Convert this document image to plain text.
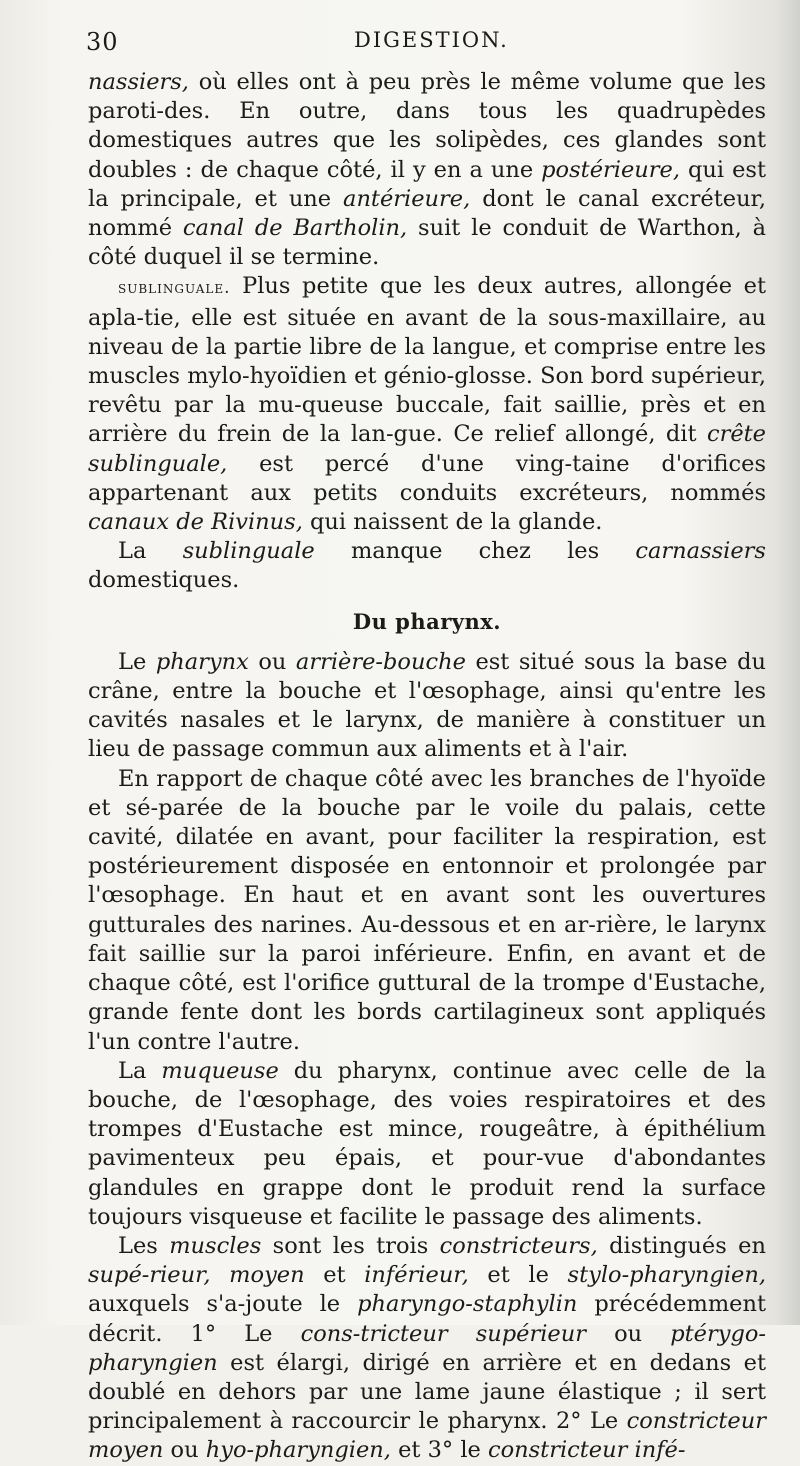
30	DIGESTION.

nassiers, où elles ont à peu près le même volume que les paroti-des. En outre, dans tous les quadrupèdes domestiques autres que les solipèdes, ces glandes sont doubles : de chaque côté, il y en a une postérieure, qui est la principale, et une antérieure, dont le canal excréteur, nommé canal de Bartholin, suit le conduit de Warthon, à côté duquel il se termine.

sublinguale. Plus petite que les deux autres, allongée et apla-tie, elle est située en avant de la sous-maxillaire, au niveau de la partie libre de la langue, et comprise entre les muscles mylo-hyoïdien et génio-glosse. Son bord supérieur, revêtu par la mu-queuse buccale, fait saillie, près et en arrière du frein de la lan-gue. Ce relief allongé, dit crête sublinguale, est percé d'une ving-taine d'orifices appartenant aux petits conduits excréteurs, nommés canaux de Rivinus, qui naissent de la glande.

La sublinguale manque chez les carnassiers domestiques.

Du pharynx.

Le pharynx ou arrière-bouche est situé sous la base du crâne, entre la bouche et l'œsophage, ainsi qu'entre les cavités nasales et le larynx, de manière à constituer un lieu de passage commun aux aliments et à l'air.

En rapport de chaque côté avec les branches de l'hyoïde et sé-parée de la bouche par le voile du palais, cette cavité, dilatée en avant, pour faciliter la respiration, est postérieurement disposée en entonnoir et prolongée par l'œsophage. En haut et en avant sont les ouvertures gutturales des narines. Au-dessous et en ar-rière, le larynx fait saillie sur la paroi inférieure. Enfin, en avant et de chaque côté, est l'orifice guttural de la trompe d'Eustache, grande fente dont les bords cartilagineux sont appliqués l'un contre l'autre.

La muqueuse du pharynx, continue avec celle de la bouche, de l'œsophage, des voies respiratoires et des trompes d'Eustache est mince, rougeâtre, à épithélium pavimenteux peu épais, et pour-vue d'abondantes glandules en grappe dont le produit rend la surface toujours visqueuse et facilite le passage des aliments.

Les muscles sont les trois constricteurs, distingués en supé-rieur, moyen et inférieur, et le stylo-pharyngien, auxquels s'a-joute le pharyngo-staphylin précédemment décrit. 1° Le cons-tricteur supérieur ou ptérygo-pharyngien est élargi, dirigé en arrière et en dedans et doublé en dehors par une lame jaune élastique ; il sert principalement à raccourcir le pharynx. 2° Le constricteur moyen ou hyo-pharyngien, et 3° le constricteur infé-
